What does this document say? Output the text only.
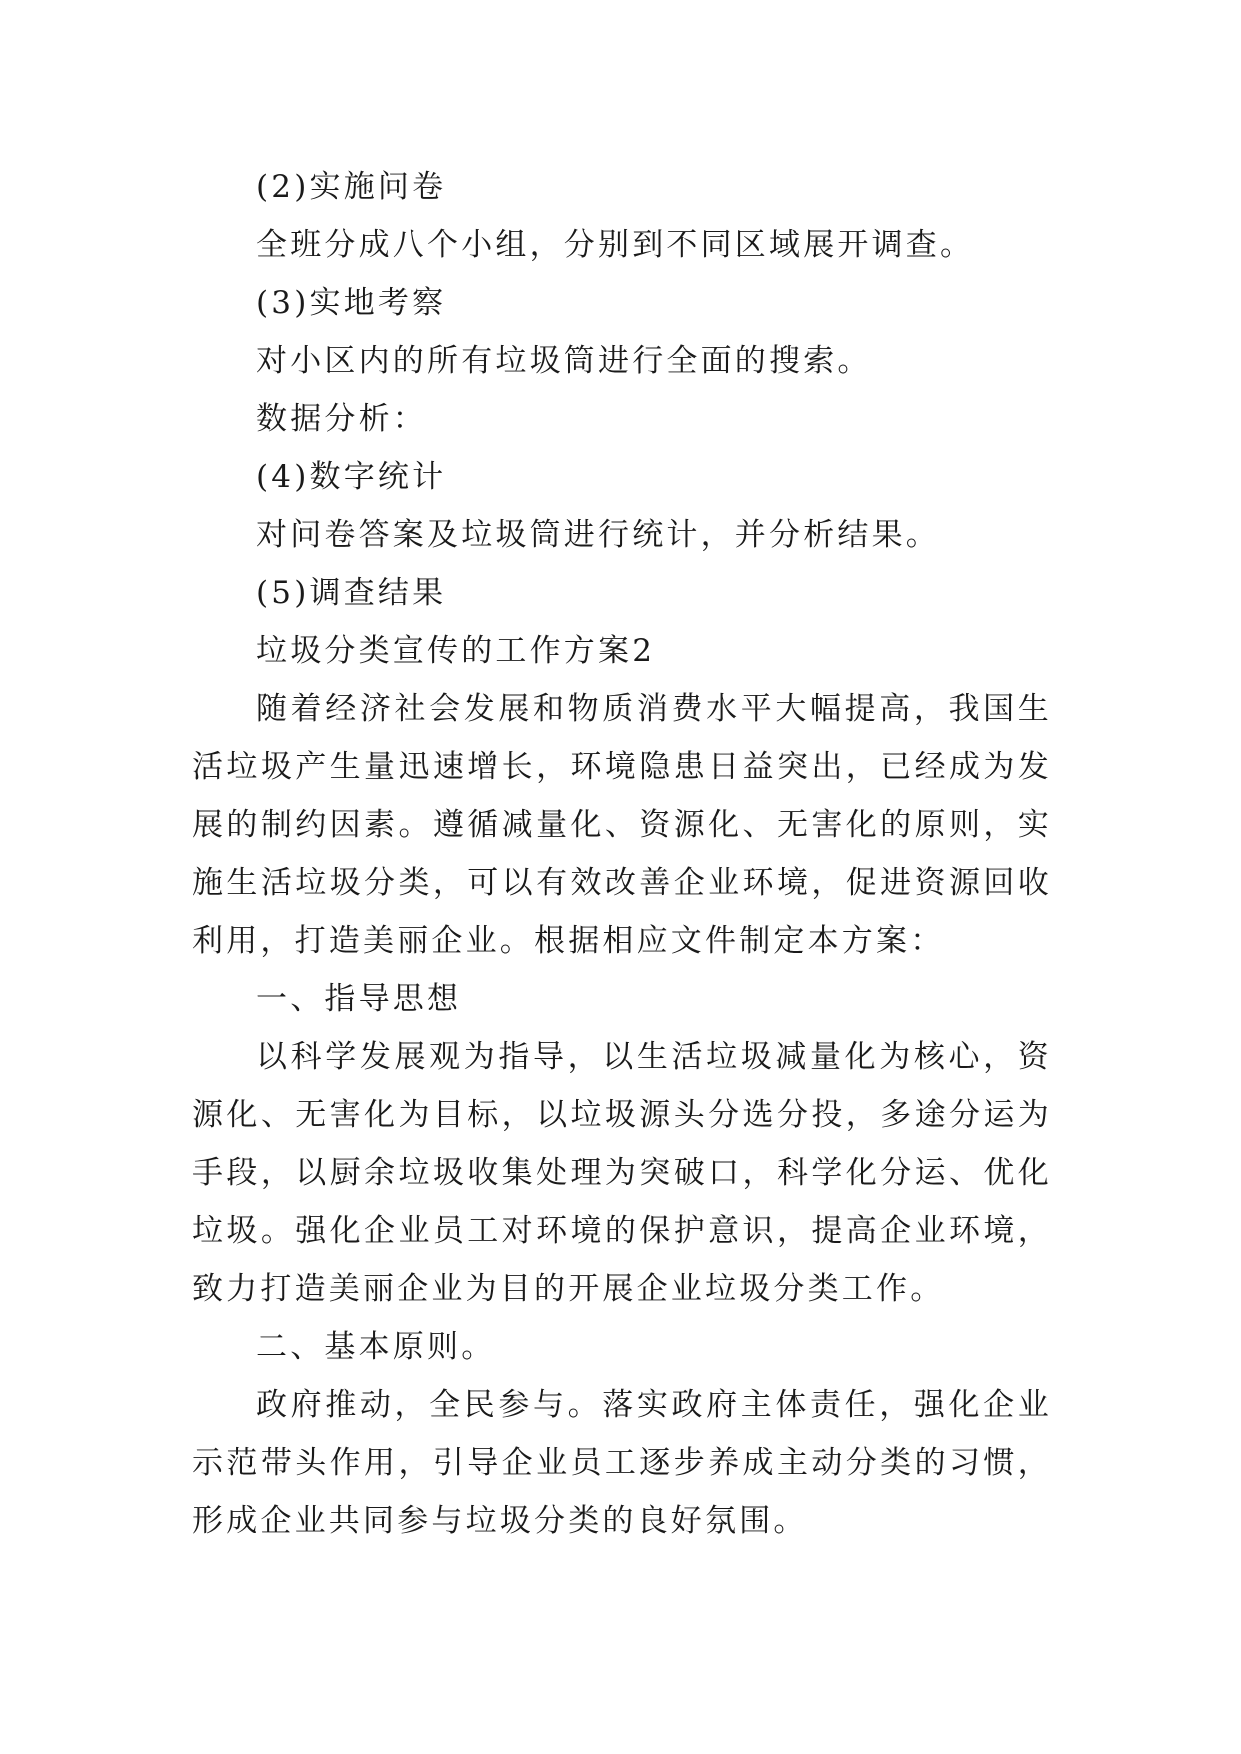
(2)实施问卷

全班分成八个小组，分别到不同区域展开调查。

(3)实地考察

对小区内的所有垃圾筒进行全面的搜索。

数据分析：

(4)数字统计

对问卷答案及垃圾筒进行统计，并分析结果。

(5)调查结果

垃圾分类宣传的工作方案2

随着经济社会发展和物质消费水平大幅提高，我国生活垃圾产生量迅速增长，环境隐患日益突出，已经成为发展的制约因素。遵循减量化、资源化、无害化的原则，实施生活垃圾分类，可以有效改善企业环境，促进资源回收利用，打造美丽企业。根据相应文件制定本方案：

一、指导思想

以科学发展观为指导，以生活垃圾减量化为核心，资源化、无害化为目标，以垃圾源头分选分投，多途分运为手段，以厨余垃圾收集处理为突破口，科学化分运、优化垃圾。强化企业员工对环境的保护意识，提高企业环境，致力打造美丽企业为目的开展企业垃圾分类工作。

二、基本原则。

政府推动，全民参与。落实政府主体责任，强化企业示范带头作用，引导企业员工逐步养成主动分类的习惯，形成企业共同参与垃圾分类的良好氛围。
